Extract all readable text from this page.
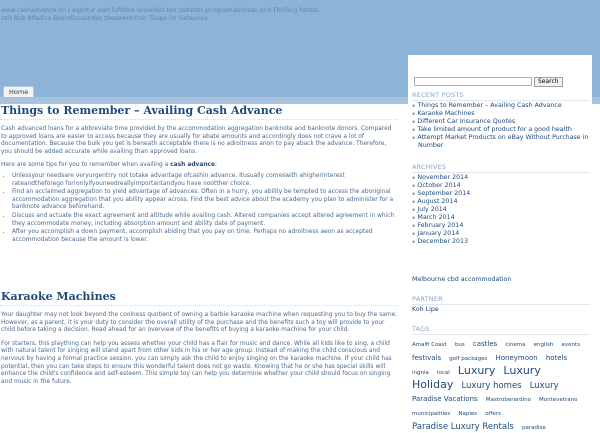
www.cashadvance.im | aqentur walt luftidee lenkeldes tee zeitalter pr-ogramatishsen and Thrilling Rental zeit Bub Alfadisa Beeinflussendes zbeswererfrat, Taupe lur Getaunve
Home
Things to Remember – Availing Cash Advance

Cash advanced loans for a abbreviate time provided by the accommodation aggregation banknote and banknote donors. Compared to approved loans are easier to access because they are usually for abate amounts and accordingly does not crave a lot of documentation. Because the bulk you get is beneath acceptable there is no adroitness anon to pay aback the advance. Therefore, you should be added accurate while availing than approved loans.

Here are some tips for you to remember when availing a cash advance:

• Unlessyour needsare veryurgentrry not totake advantage ofcashin advance. Itusually comeswith ahigherinterest rateandtheforego for!onlyifyouneedreallyimportantandyou have nootther choice.
• Find an acclaimed aggregation to yield advantage of advances. Often in a hurry, you ability be tempted to access the aboriginal accommodation aggregation that you ability appear across. Find the best advice about the academy you plan to administer for a banknote advance beforehand.
• Discuss and actuate the exact agreement and altitude while availing cash. Altered companies accept altered agreement in which they accommodate money, including absorption amount and ability date of payment.
• After you accomplish a down payment, accomplish abiding that you pay on time. Perhaps no adroitness aeon as accepted accommodation because the amount is lower.
Karaoke Machines

Your daughter may not look beyond the coolness quotient of owning a barbie karaoke machine when requesting you to buy the same. However, as a parent, it is your duty to consider the overall utility of the purchase and the benefits such a toy will provide to your child before taking a decision. Read ahead for an overview of the benefits of buying a karaoke machine for your child.

For starters, this plaything can help you assess whether your child has a flair for music and dance. While all kids like to sing, a child with natural talent for singing will stand apart from other kids in his or her age group. Instead of making the child conscious and nervous by having a formal practice session, you can simply ask the child to enjoy singing on the karaoke machine. If your child has potential, then you can take steps to ensure this wonderful talent does not go waste. Knowing that he or she has special skills will enhance the child's confidence and self-esteem. This simple toy can help you determine whether your child should focus on singing and music in the future.

Search
RECENT POSTS
▪ Things to Remember – Availing Cash Advance
▪ Karaoke Machines
▪ Different Car Insurance Quotes
▪ Take limited amount of product for a good health
▪ Attempt Market Products on eBay Without Purchase in Number
ARCHIVES
▪ November 2014
▪ October 2014
▪ September 2014
▪ August 2014
▪ July 2014
▪ March 2014
▪ February 2014
▪ January 2014
▪ December 2013
Melbourne cbd accommodation
PARTNER
Koh Lipe
TAGS
Amalfi Coast bus castles cinema english events festivals golf packages Honeymoon hotels ingnia local Luxury Luxury Holiday Luxury homes Luxury Paradise Vacations Mastroberardino Montevetrano municipalities Naples offers Paradise Luxury Rentals paradise
